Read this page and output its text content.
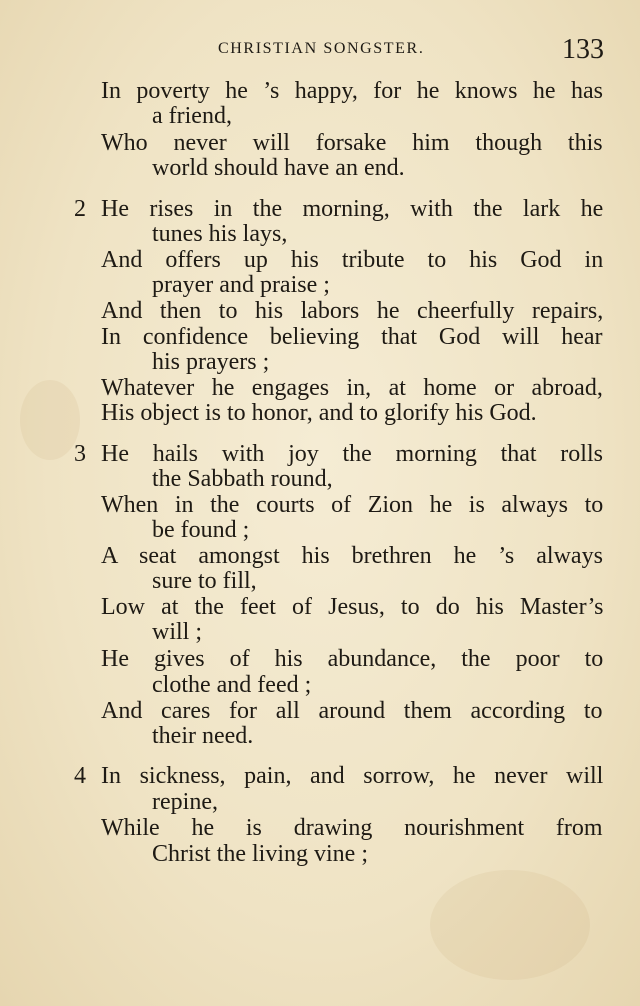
CHRISTIAN SONGSTER.	133
In poverty he ’s happy, for he knows he has
a friend,
Who never will forsake him though this
world should have an end.
2 He rises in the morning, with the lark he
tunes his lays,
And offers up his tribute to his God in
prayer and praise ;
And then to his labors he cheerfully repairs,
In confidence believing that God will hear
his prayers ;
Whatever he engages in, at home or abroad,
His object is to honor, and to glorify his God.
3 He hails with joy the morning that rolls
the Sabbath round,
When in the courts of Zion he is always to
be found ;
A seat amongst his brethren he ’s always
sure to fill,
Low at the feet of Jesus, to do his Master’s
will ;
He gives of his abundance, the poor to
clothe and feed ;
And cares for all around them according to
their need.
4 In sickness, pain, and sorrow, he never will
repine,
While he is drawing nourishment from
Christ the living vine ;
